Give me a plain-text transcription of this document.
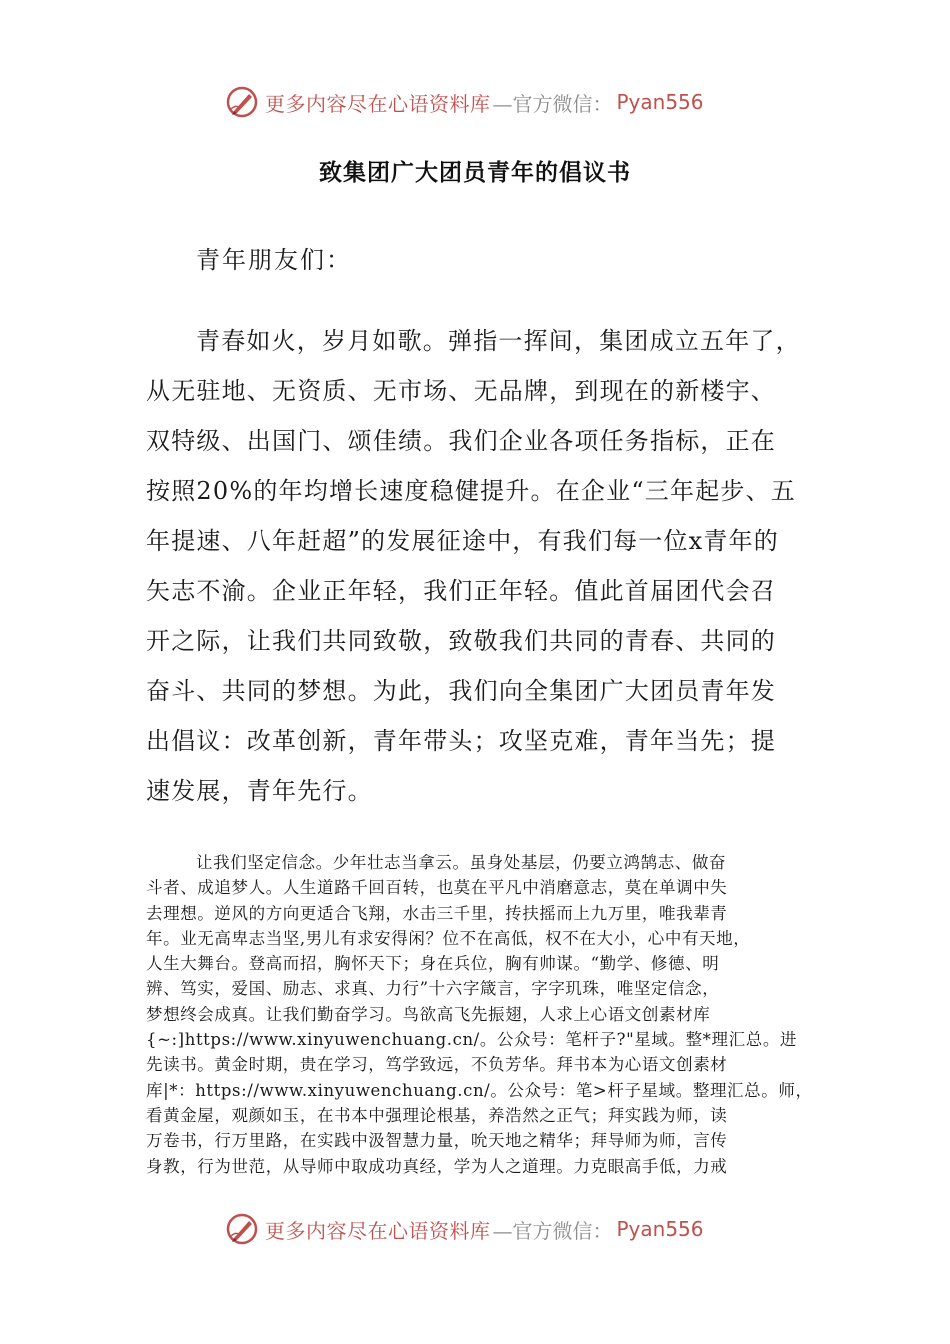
更多内容尽在心语资料库 —官方微信： Pyan556
致集团广大团员青年的倡议书
青年朋友们：
青春如火，岁月如歌。弹指一挥间，集团成立五年了，
从无驻地、无资质、无市场、无品牌，到现在的新楼宇、
双特级、出国门、颂佳绩。我们企业各项任务指标，正在
按照20%的年均增长速度稳健提升。在企业“三年起步、五
年提速、八年赶超”的发展征途中，有我们每一位x青年的
矢志不渝。企业正年轻，我们正年轻。值此首届团代会召
开之际，让我们共同致敬，致敬我们共同的青春、共同的
奋斗、共同的梦想。为此，我们向全集团广大团员青年发
出倡议：改革创新，青年带头；攻坚克难，青年当先；提
速发展，青年先行。
让我们坚定信念。少年壮志当拿云。虽身处基层，仍要立鸿鹄志、做奋
斗者、成追梦人。人生道路千回百转，也莫在平凡中消磨意志，莫在单调中失
去理想。逆风的方向更适合飞翔，水击三千里，抟扶摇而上九万里，唯我辈青
年。业无高卑志当坚,男儿有求安得闲？位不在高低，权不在大小，心中有天地，
人生大舞台。登高而招，胸怀天下；身在兵位，胸有帅谋。“勤学、修德、明
辨、笃实，爱国、励志、求真、力行”十六字箴言，字字玑珠，唯坚定信念，
梦想终会成真。让我们勤奋学习。鸟欲高飞先振翅，人求上心语文创素材库
{~:]https://www.xinyuwenchuang.cn/。公众号：笔杆子?"星域。整*理汇总。进
先读书。黄金时期，贵在学习，笃学致远，不负芳华。拜书本为心语文创素材
库|*：https://www.xinyuwenchuang.cn/。公众号：笔>杆子星域。整理汇总。师，
看黄金屋，观颜如玉，在书本中强理论根基，养浩然之正气；拜实践为师，读
万卷书，行万里路，在实践中汲智慧力量，吮天地之精华；拜导师为师，言传
身教，行为世范，从导师中取成功真经，学为人之道理。力克眼高手低，力戒
更多内容尽在心语资料库 —官方微信： Pyan556
